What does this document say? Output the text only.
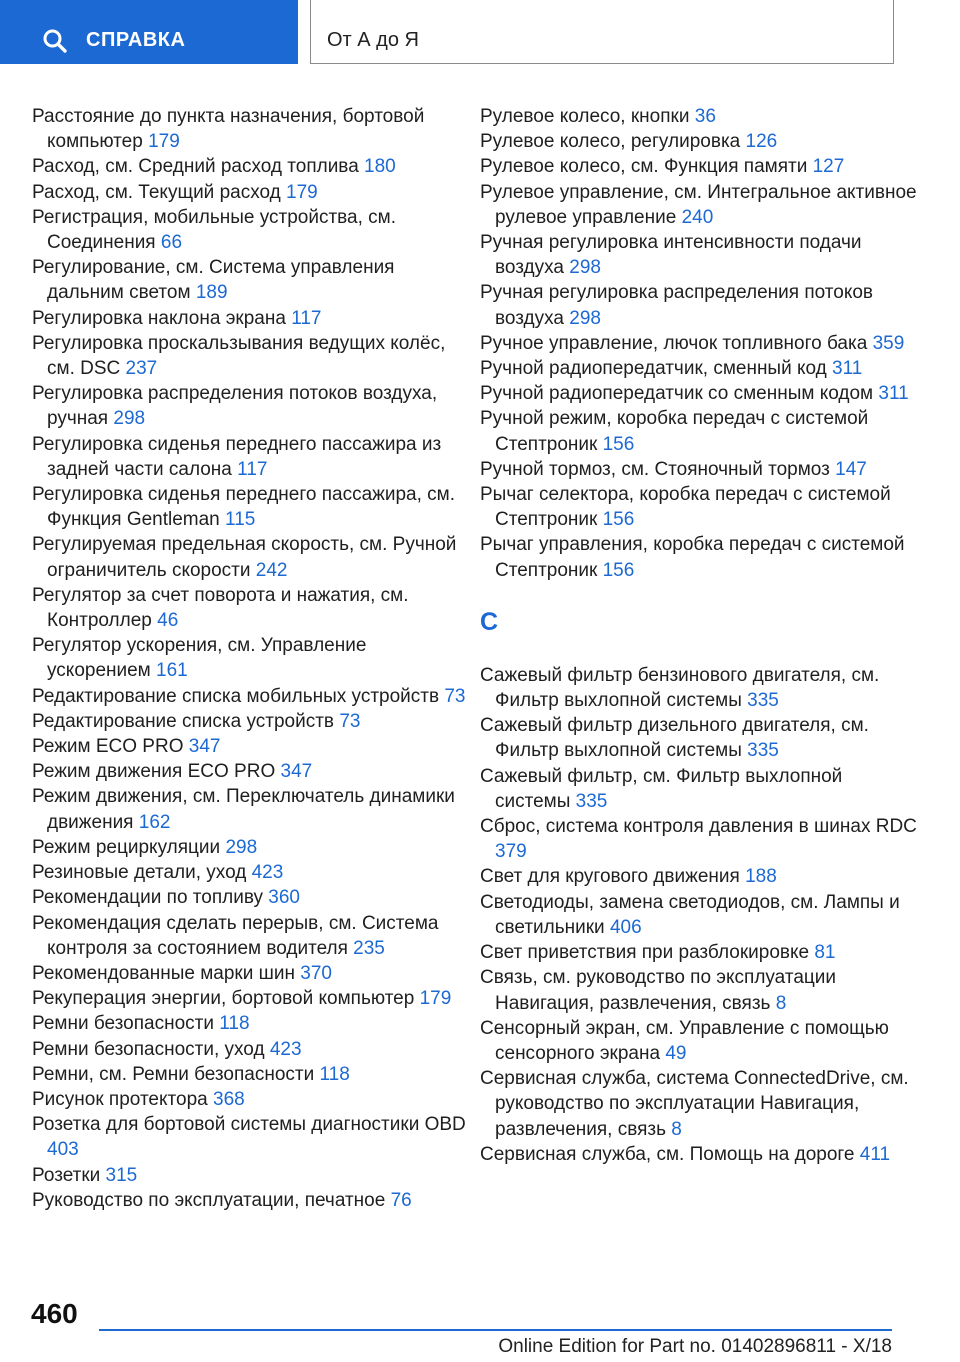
СПРАВКА	От А до Я
Расстояние до пункта назначения, бортовой компьютер 179
Расход, см. Средний расход топлива 180
Расход, см. Текущий расход 179
Регистрация, мобильные устройства, см. Соединения 66
Регулирование, см. Система управления дальним светом 189
Регулировка наклона экрана 117
Регулировка проскальзывания ведущих колёс, см. DSC 237
Регулировка распределения потоков воздуха, ручная 298
Регулировка сиденья переднего пассажира из задней части салона 117
Регулировка сиденья переднего пассажира, см. Функция Gentleman 115
Регулируемая предельная скорость, см. Ручной ограничитель скорости 242
Регулятор за счет поворота и нажатия, см. Контроллер 46
Регулятор ускорения, см. Управление ускорением 161
Редактирование списка мобильных устройств 73
Редактирование списка устройств 73
Режим ECO PRO 347
Режим движения ECO PRO 347
Режим движения, см. Переключатель динамики движения 162
Режим рециркуляции 298
Резиновые детали, уход 423
Рекомендации по топливу 360
Рекомендация сделать перерыв, см. Система контроля за состоянием водителя 235
Рекомендованные марки шин 370
Рекуперация энергии, бортовой компьютер 179
Ремни безопасности 118
Ремни безопасности, уход 423
Ремни, см. Ремни безопасности 118
Рисунок протектора 368
Розетка для бортовой системы диагностики OBD 403
Розетки 315
Руководство по эксплуатации, печатное 76
Рулевое колесо, кнопки 36
Рулевое колесо, регулировка 126
Рулевое колесо, см. Функция памяти 127
Рулевое управление, см. Интегральное активное рулевое управление 240
Ручная регулировка интенсивности подачи воздуха 298
Ручная регулировка распределения потоков воздуха 298
Ручное управление, лючок топливного бака 359
Ручной радиопередатчик, сменный код 311
Ручной радиопередатчик со сменным кодом 311
Ручной режим, коробка передач с системой Стептроник 156
Ручной тормоз, см. Стояночный тормоз 147
Рычаг селектора, коробка передач с системой Стептроник 156
Рычаг управления, коробка передач с системой Стептроник 156
С
Сажевый фильтр бензинового двигателя, см. Фильтр выхлопной системы 335
Сажевый фильтр дизельного двигателя, см. Фильтр выхлопной системы 335
Сажевый фильтр, см. Фильтр выхлопной системы 335
Сброс, система контроля давления в шинах RDC 379
Свет для кругового движения 188
Светодиоды, замена светодиодов, см. Лампы и светильники 406
Свет приветствия при разблокировке 81
Связь, см. руководство по эксплуатации Навигация, развлечения, связь 8
Сенсорный экран, см. Управление с помощью сенсорного экрана 49
Сервисная служба, система ConnectedDrive, см. руководство по эксплуатации Навигация, развлечения, связь 8
Сервисная служба, см. Помощь на дороге 411
460
Online Edition for Part no. 01402896811 - X/18
